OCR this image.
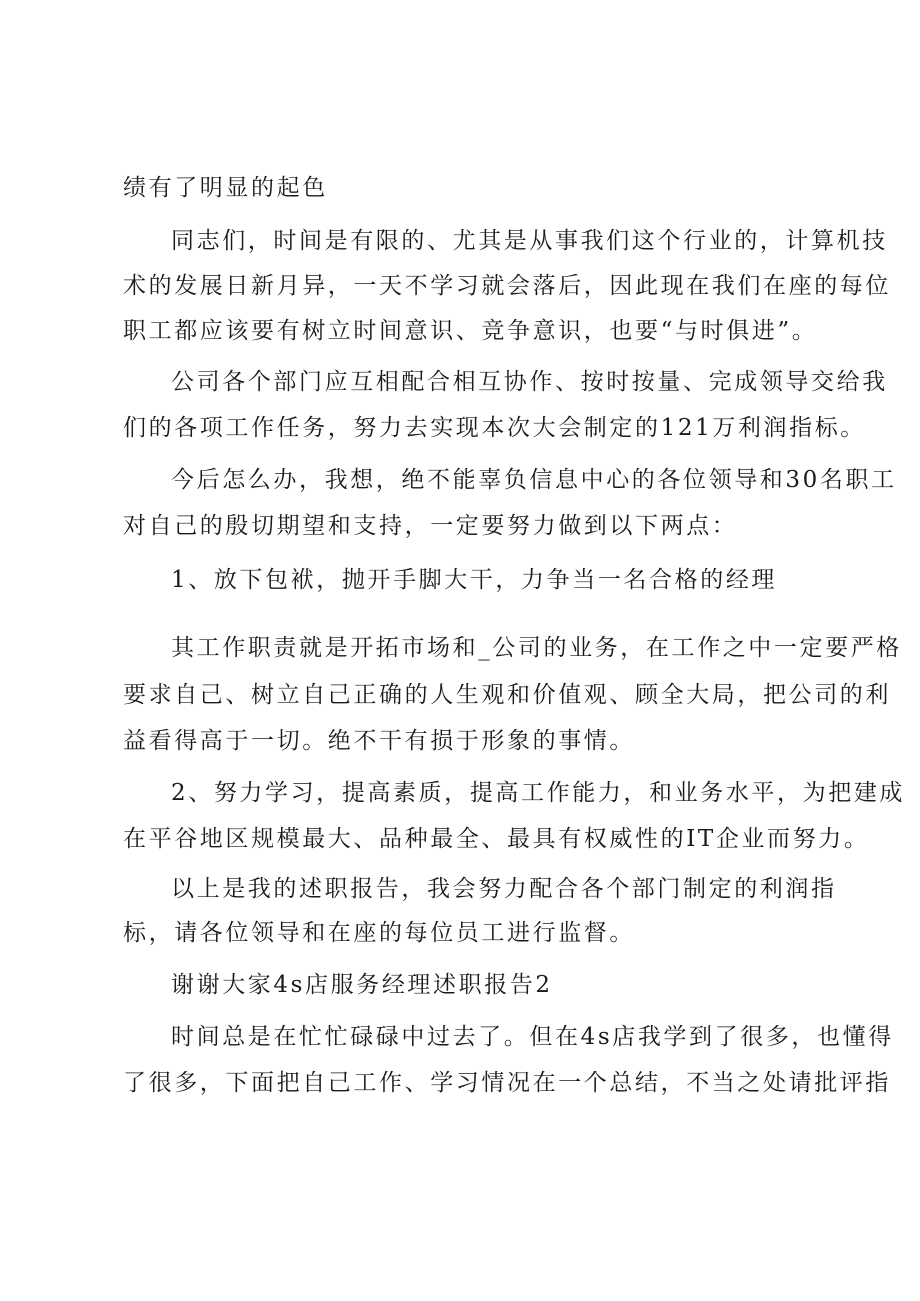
绩有了明显的起色
同志们，时间是有限的、尤其是从事我们这个行业的，计算机技
术的发展日新月异，一天不学习就会落后，因此现在我们在座的每位
职工都应该要有树立时间意识、竞争意识，也要“与时俱进”。
公司各个部门应互相配合相互协作、按时按量、完成领导交给我
们的各项工作任务，努力去实现本次大会制定的121万利润指标。
今后怎么办，我想，绝不能辜负信息中心的各位领导和30名职工
对自己的殷切期望和支持，一定要努力做到以下两点：
1、放下包袱，抛开手脚大干，力争当一名合格的经理
其工作职责就是开拓市场和_公司的业务，在工作之中一定要严格
要求自己、树立自己正确的人生观和价值观、顾全大局，把公司的利
益看得高于一切。绝不干有损于形象的事情。
2、努力学习，提高素质，提高工作能力，和业务水平，为把建成
在平谷地区规模最大、品种最全、最具有权威性的IT企业而努力。
以上是我的述职报告，我会努力配合各个部门制定的利润指
标，请各位领导和在座的每位员工进行监督。
谢谢大家4s店服务经理述职报告2
时间总是在忙忙碌碌中过去了。但在4s店我学到了很多，也懂得
了很多，下面把自己工作、学习情况在一个总结，不当之处请批评指
